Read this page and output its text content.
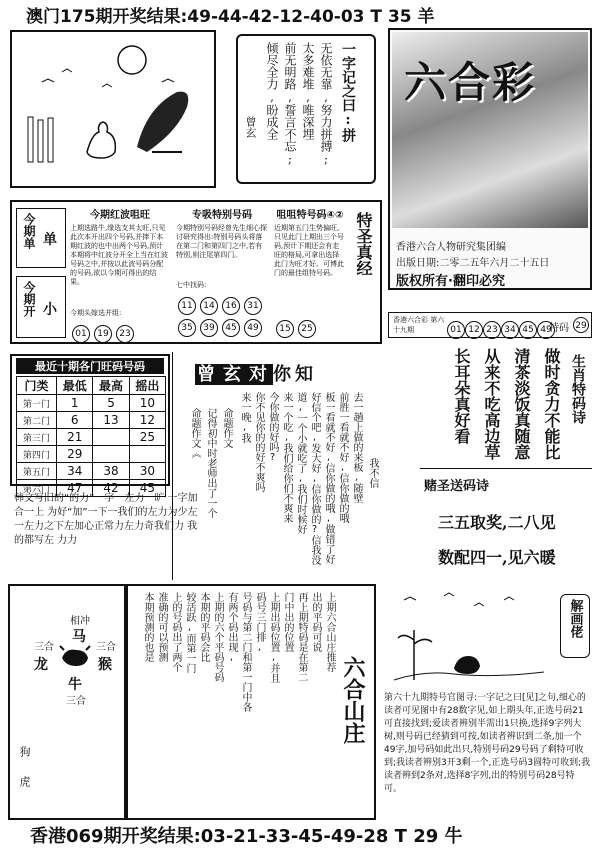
澳门175期开奖结果:49-44-42-12-40-03 T 35 羊
一字记之曰:拼
无依无靠,努力拼搏;
太多难堆,唯深埋
前无明路,誓言不忘;
倾尽全力,盼成全
曾玄
六合彩
香港六合人物研究集团编
出版日期:二零二五年六月二十五日
版权所有·翻印必究
今期单 单
今期开 小
今期红波咀旺
上期选路牛,缘选支其太旺,只见此次本开出四个号码,并捧下本期红波的也中出两个号码,预计本期将中红波分开全上当在红波号码之中,并按以此波号码分配的号码,欲以今期可得出的结果。
今期头嫁选并组:
01 19 23
专吸特别号码
今期特别号码经曾先生细心探讨研究得出:特别号码头将落在第二门和第四门之中,若有特别,则注尾第四门。
七中找码:
11 14 16 31 35 39 45 49
咀咀特号码④②
近期第五门生势偏旺,只见此门上期出三个号码,预计下期还会有走旺的格局,可拿出选择此门为旺才好。可博此门的最佳组特号码。
15 25
特圣真经
香港六合彩 第六十九期	01 12 23 34 45 49
特码 29
最近十期各门旺码号码
门类	最低	最高	摇出
第一门	1	5	10
第二门	6	13	12
第三门	21		25
第四门	29		
第五门	34	38	30
第六门	47	42	45
韩文写旧的“的力”一字一左力一旷 一字加合一上 为好“加”一下一我们的左力为少左 一左力之下左加心正常力左力奇我们力 我的都写左 力力
曾 玄 对 你知
我不信
去一趟上做的来板,随壁
前胜一看就不好,信你做的哦
板一看就不好,信你做的哦,做错了好
好信个吧,发大好,信你做的?信我没
道,一个小就吃了,我们时候好
来一个吃,我们给你们不爽来
今你做的好吗?
你不见你的的好不爽吗
来一晚,我
命题作文
记得初中时老师出了一个
命题作文《
生肖特码诗
做时贪力不能比
清茶淡饭真随意
从来不吃高边草
长耳朵真好看
赌圣送码诗
三五取奖,二八见
数配四一,见六暖
相冲
马
三合	三合
龙	猴
牛
三合
狗
虎
六合山庄
上期六合山庄推荐
出的平码可说
再上期特码是在第二
门中出的位置
上期出码位置,并且
码号三门排,
号码与第二门和第一门中各
有两个码出现,
上期的六个平码号码
本期的平码会比
较活跃,而第一门
上的号码出了两个
准确的可以预测
本期预测的也是	解画佬
第六十九期特号官图寻:一字记之曰[见]之句,细心的读者可见图中有28数字见,如上期头年,正选号码21可直接找到;爱读者辨别半需出1只换,选择9字列大树,则号码已经猜到可按,如读者辨识到二条,加一个49字,加号码如此出只,特别号码29号码了剩特可收到;我读者辨别3开3剩一个,正选号码3圆特可收到;我读者辨到2条对,选择8字列,出的特别号码28号特可。
香港069期开奖结果:03-21-33-45-49-28 T 29 牛
